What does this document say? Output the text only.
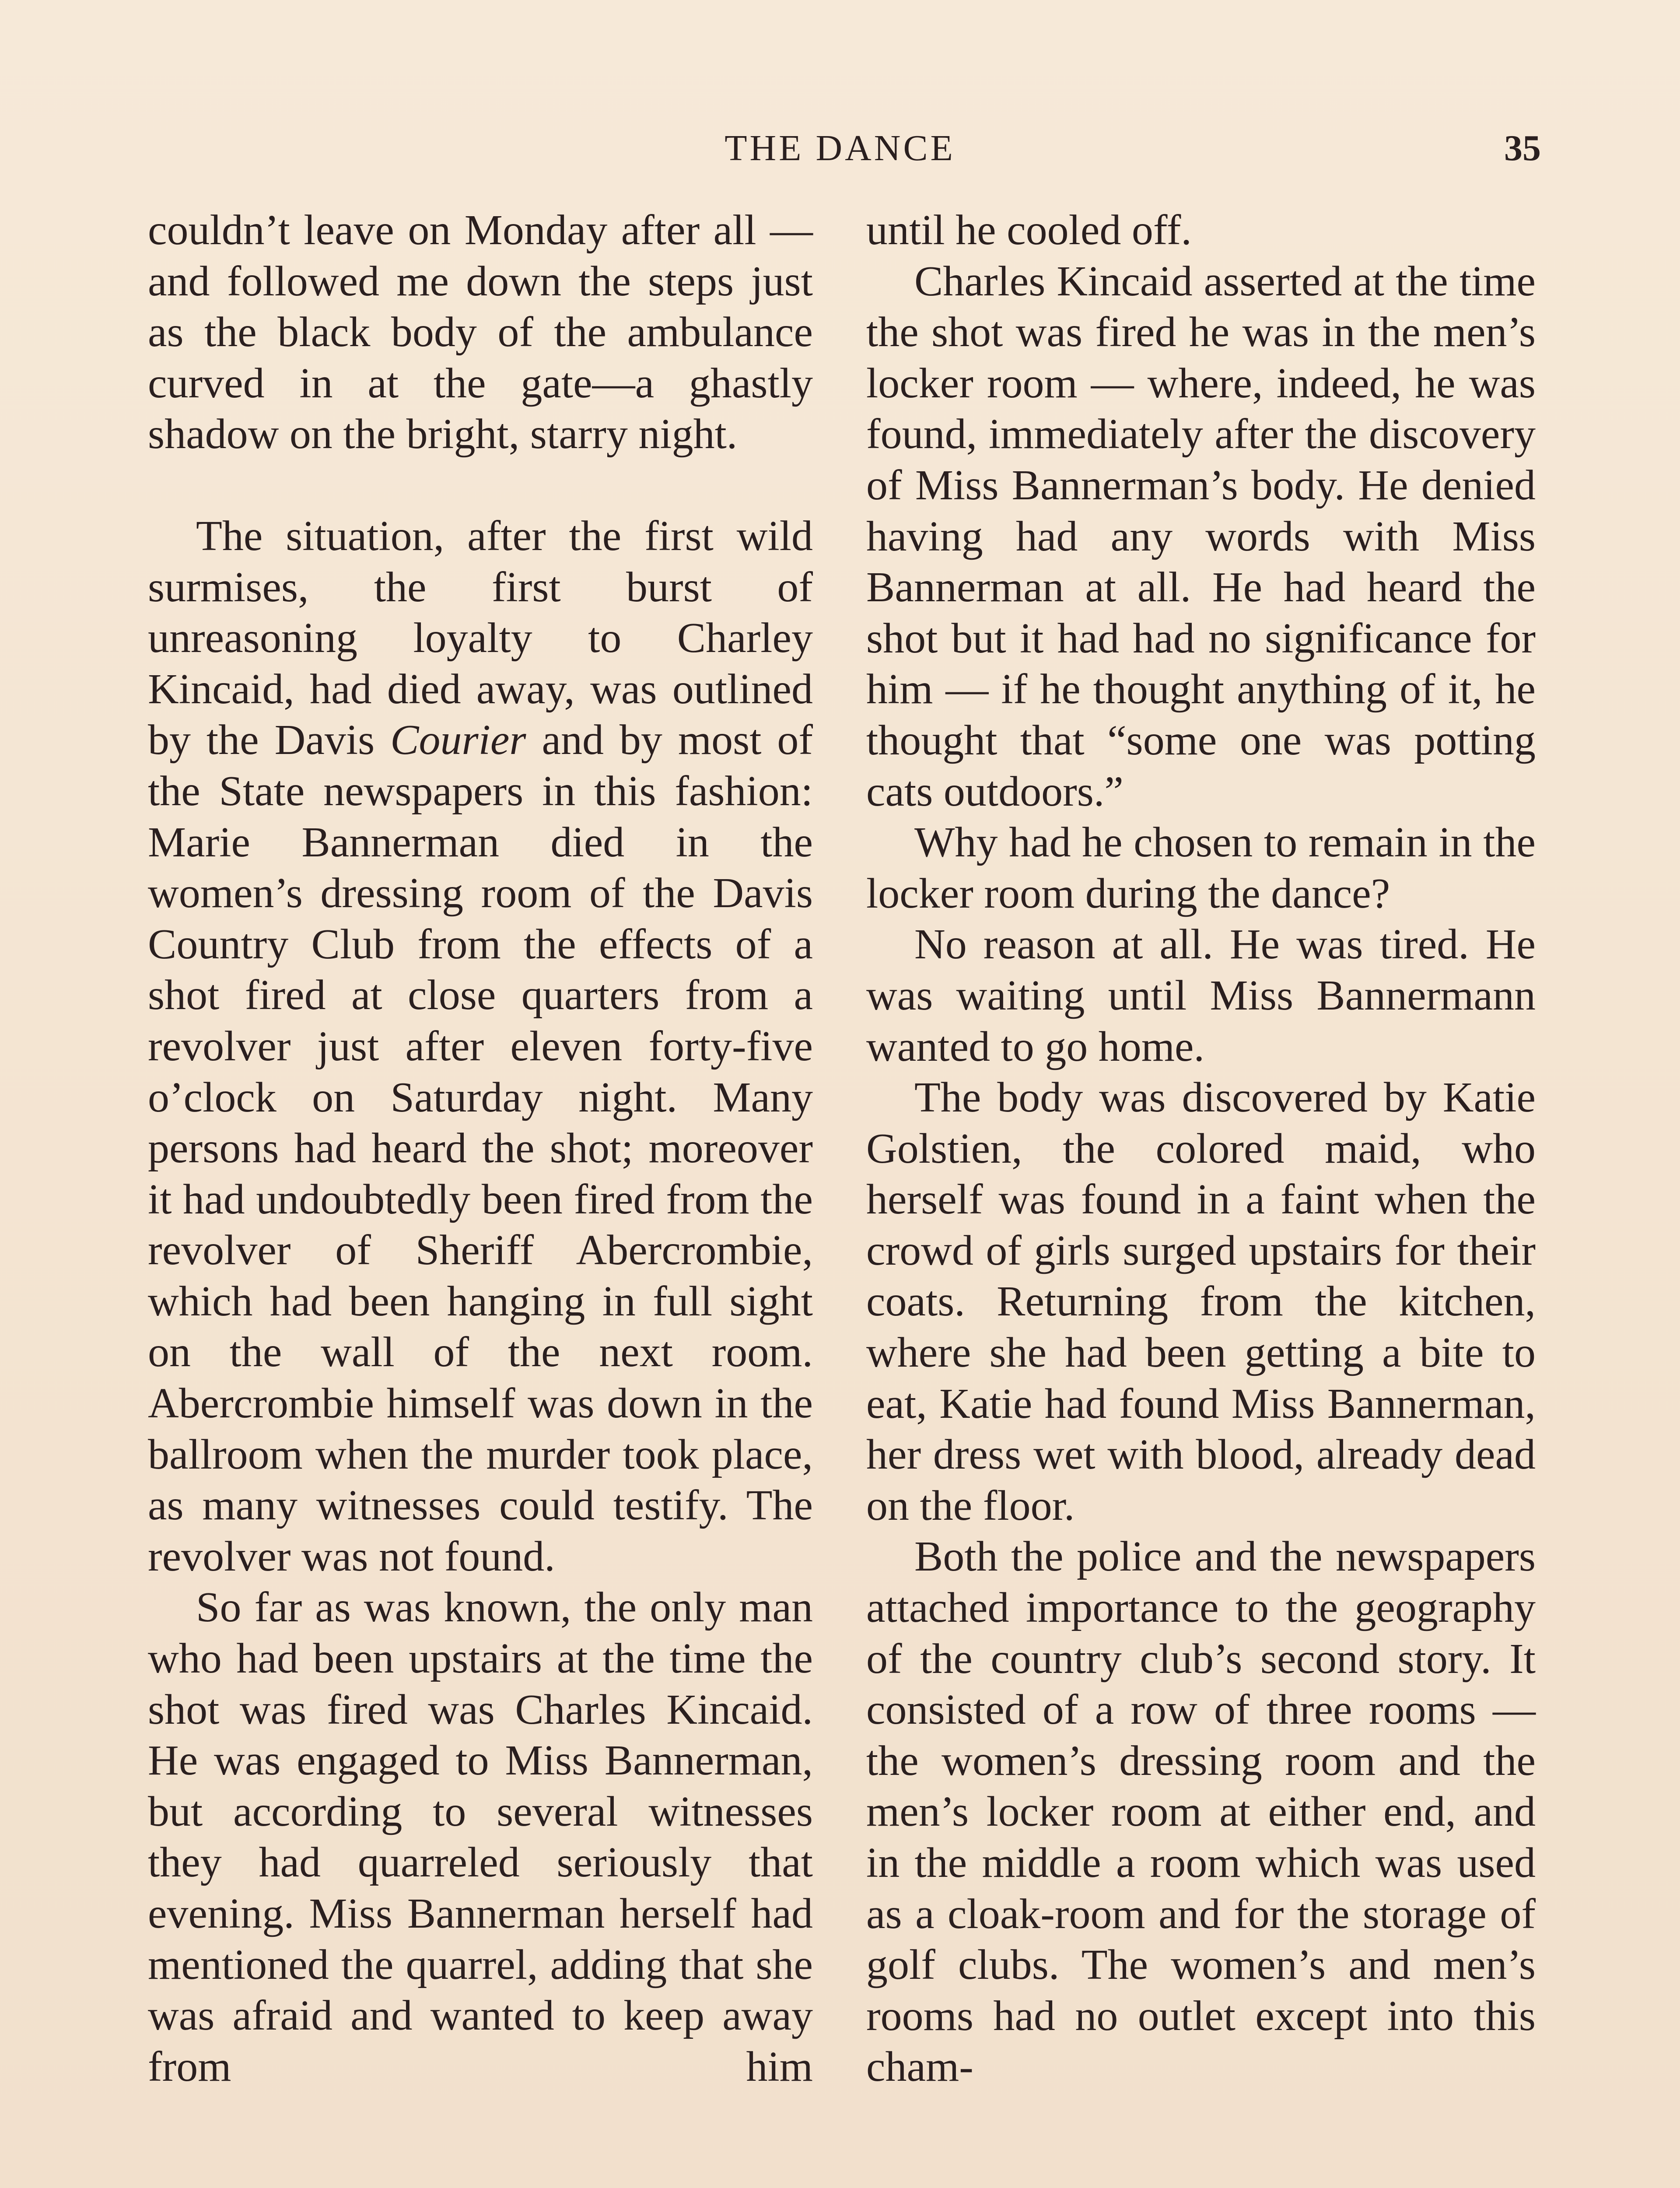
THE DANCE	35

couldn’t leave on Monday after all — and followed me down the steps just as the black body of the ambulance curved in at the gate—a ghastly shadow on the bright, starry night.

The situation, after the first wild surmises, the first burst of unreasoning loyalty to Charley Kincaid, had died away, was outlined by the Davis Courier and by most of the State newspapers in this fashion: Marie Bannerman died in the women’s dressing room of the Davis Country Club from the effects of a shot fired at close quarters from a revolver just after eleven forty-five o’clock on Saturday night. Many persons had heard the shot; moreover it had undoubtedly been fired from the revolver of Sheriff Abercrombie, which had been hanging in full sight on the wall of the next room. Abercrombie himself was down in the ballroom when the murder took place, as many witnesses could testify. The revolver was not found.

So far as was known, the only man who had been upstairs at the time the shot was fired was Charles Kincaid. He was engaged to Miss Bannerman, but according to several witnesses they had quarreled seriously that evening. Miss Bannerman herself had mentioned the quarrel, adding that she was afraid and wanted to keep away from him

until he cooled off.

Charles Kincaid asserted at the time the shot was fired he was in the men’s locker room — where, indeed, he was found, immediately after the discovery of Miss Bannerman’s body. He denied having had any words with Miss Bannerman at all. He had heard the shot but it had had no significance for him — if he thought anything of it, he thought that “some one was potting cats outdoors.”

Why had he chosen to remain in the locker room during the dance?

No reason at all. He was tired. He was waiting until Miss Bannermann wanted to go home.

The body was discovered by Katie Golstien, the colored maid, who herself was found in a faint when the crowd of girls surged upstairs for their coats. Returning from the kitchen, where she had been getting a bite to eat, Katie had found Miss Bannerman, her dress wet with blood, already dead on the floor.

Both the police and the newspapers attached importance to the geography of the country club’s second story. It consisted of a row of three rooms — the women’s dressing room and the men’s locker room at either end, and in the middle a room which was used as a cloak-room and for the storage of golf clubs. The women’s and men’s rooms had no outlet except into this cham-
